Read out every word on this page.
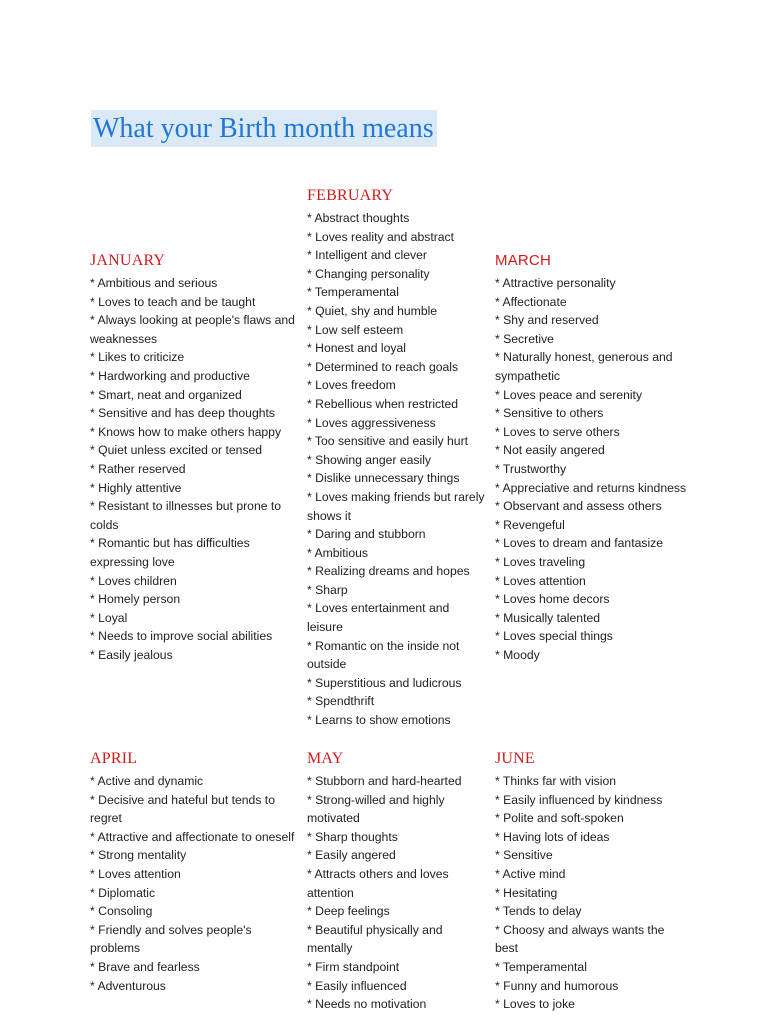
What your Birth month means
JANUARY
* Ambitious and serious
* Loves to teach and be taught
* Always looking at people's flaws and weaknesses
* Likes to criticize
* Hardworking and productive
* Smart, neat and organized
* Sensitive and has deep thoughts
* Knows how to make others happy
* Quiet unless excited or tensed
* Rather reserved
* Highly attentive
* Resistant to illnesses but prone to colds
* Romantic but has difficulties expressing love
* Loves children
* Homely person
* Loyal
* Needs to improve social abilities
* Easily jealous
FEBRUARY
* Abstract thoughts
* Loves reality and abstract
* Intelligent and clever
* Changing personality
* Temperamental
* Quiet, shy and humble
* Low self esteem
* Honest and loyal
* Determined to reach goals
* Loves freedom
* Rebellious when restricted
* Loves aggressiveness
* Too sensitive and easily hurt
* Showing anger easily
* Dislike unnecessary things
* Loves making friends but rarely shows it
* Daring and stubborn
* Ambitious
* Realizing dreams and hopes
* Sharp
* Loves entertainment and leisure
* Romantic on the inside not outside
* Superstitious and ludicrous
* Spendthrift
* Learns to show emotions
MARCH
* Attractive personality
* Affectionate
* Shy and reserved
* Secretive
* Naturally honest, generous and sympathetic
* Loves peace and serenity
* Sensitive to others
* Loves to serve others
* Not easily angered
* Trustworthy
* Appreciative and returns kindness
* Observant and assess others
* Revengeful
* Loves to dream and fantasize
* Loves traveling
* Loves attention
* Loves home decors
* Musically talented
* Loves special things
* Moody
APRIL
* Active and dynamic
* Decisive and hateful but tends to regret
* Attractive and affectionate to oneself
* Strong mentality
* Loves attention
* Diplomatic
* Consoling
* Friendly and solves people's problems
* Brave and fearless
* Adventurous
MAY
* Stubborn and hard-hearted
* Strong-willed and highly motivated
* Sharp thoughts
* Easily angered
* Attracts others and loves attention
* Deep feelings
* Beautiful physically and mentally
* Firm standpoint
* Easily influenced
* Needs no motivation
JUNE
* Thinks far with vision
* Easily influenced by kindness
* Polite and soft-spoken
* Having lots of ideas
* Sensitive
* Active mind
* Hesitating
* Tends to delay
* Choosy and always wants the best
* Temperamental
* Funny and humorous
* Loves to joke
